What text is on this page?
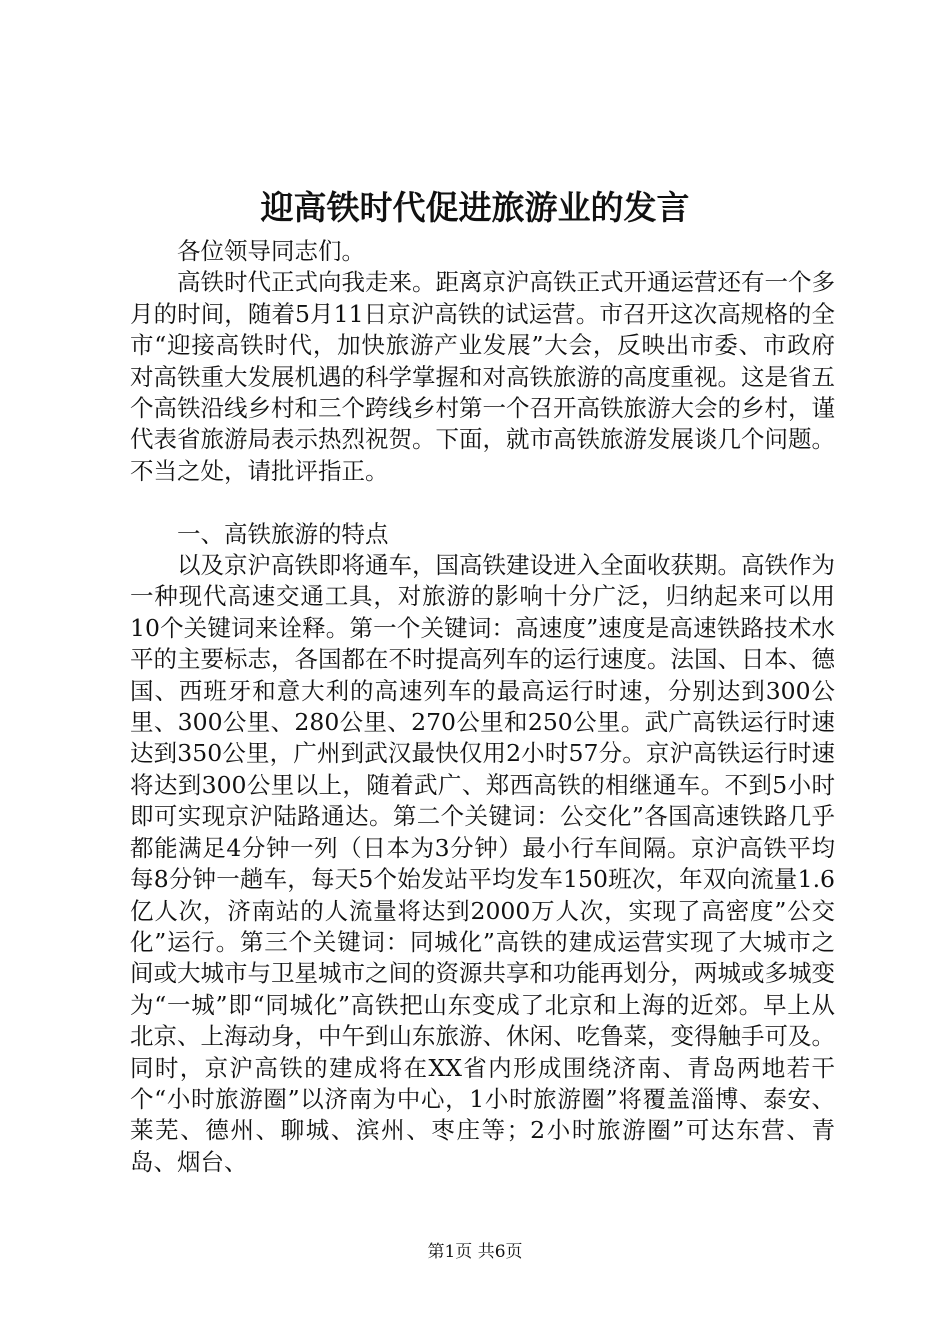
迎高铁时代促进旅游业的发言

各位领导同志们。

高铁时代正式向我走来。距离京沪高铁正式开通运营还有一个多月的时间，随着5月11日京沪高铁的试运营。市召开这次高规格的全市“迎接高铁时代，加快旅游产业发展”大会，反映出市委、市政府对高铁重大发展机遇的科学掌握和对高铁旅游的高度重视。这是省五个高铁沿线乡村和三个跨线乡村第一个召开高铁旅游大会的乡村，谨代表省旅游局表示热烈祝贺。下面，就市高铁旅游发展谈几个问题。不当之处，请批评指正。

一、高铁旅游的特点

以及京沪高铁即将通车，国高铁建设进入全面收获期。高铁作为一种现代高速交通工具，对旅游的影响十分广泛，归纳起来可以用10个关键词来诠释。第一个关键词：高速度”速度是高速铁路技术水平的主要标志，各国都在不时提高列车的运行速度。法国、日本、德国、西班牙和意大利的高速列车的最高运行时速，分别达到300公里、300公里、280公里、270公里和250公里。武广高铁运行时速达到350公里，广州到武汉最快仅用2小时57分。京沪高铁运行时速将达到300公里以上，随着武广、郑西高铁的相继通车。不到5小时即可实现京沪陆路通达。第二个关键词：公交化”各国高速铁路几乎都能满足4分钟一列（日本为3分钟）最小行车间隔。京沪高铁平均每8分钟一趟车，每天5个始发站平均发车150班次，年双向流量1.6亿人次，济南站的人流量将达到2000万人次，实现了高密度”公交化”运行。第三个关键词：同城化”高铁的建成运营实现了大城市之间或大城市与卫星城市之间的资源共享和功能再划分，两城或多城变为“一城”即“同城化”高铁把山东变成了北京和上海的近郊。早上从北京、上海动身，中午到山东旅游、休闲、吃鲁菜，变得触手可及。同时，京沪高铁的建成将在XX省内形成围绕济南、青岛两地若干个“小时旅游圈”以济南为中心，1小时旅游圈”将覆盖淄博、泰安、莱芜、德州、聊城、滨州、枣庄等；2小时旅游圈”可达东营、青岛、烟台、

第1页 共6页
